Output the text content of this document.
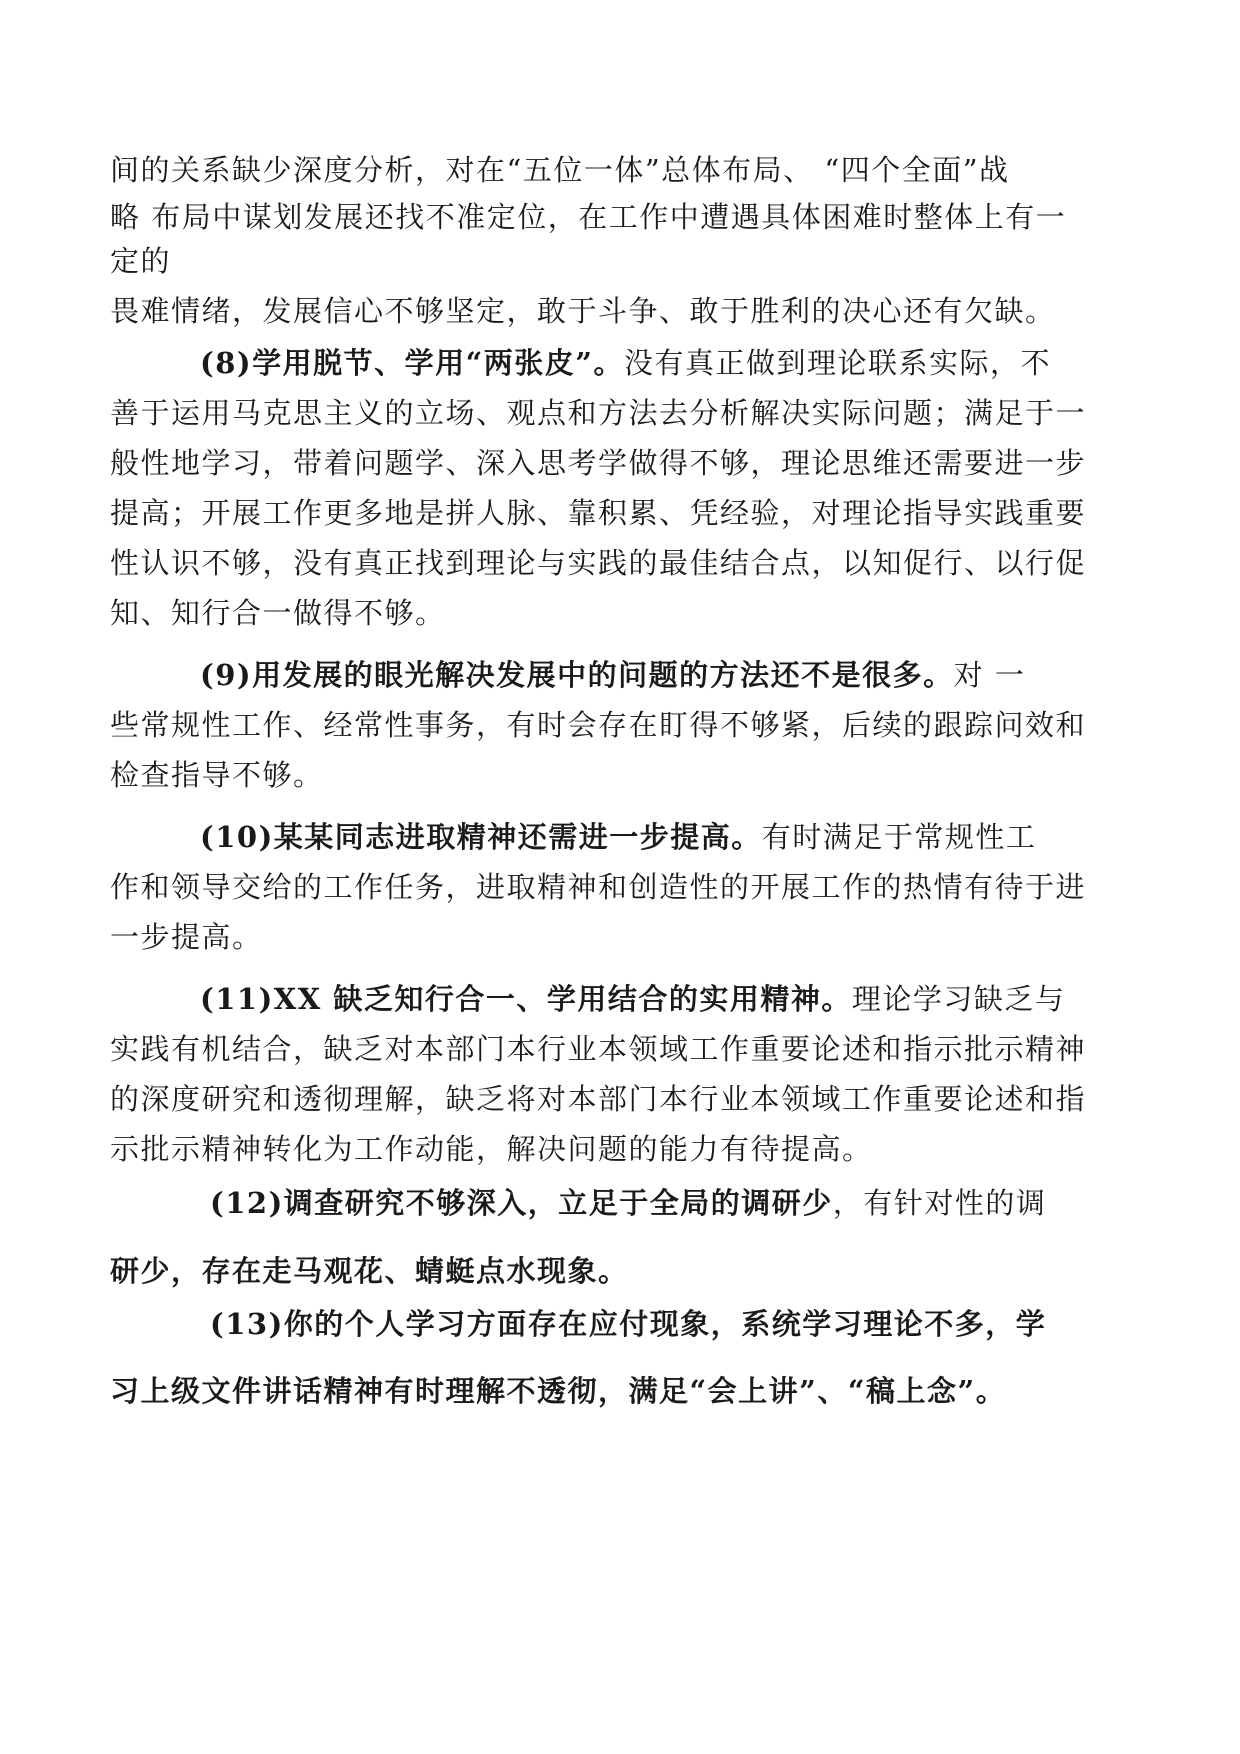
间的关系缺少深度分析，对在“五位一体”总体布局、 “四个全面”战
略 布局中谋划发展还找不准定位，在工作中遭遇具体困难时整体上有一
定的
畏难情绪，发展信心不够坚定，敢于斗争、敢于胜利的决心还有欠缺。
(8)学用脱节、学用“两张皮”。没有真正做到理论联系实际，不
善于运用马克思主义的立场、观点和方法去分析解决实际问题；满足于一
般性地学习，带着问题学、深入思考学做得不够，理论思维还需要进一步
提高；开展工作更多地是拼人脉、靠积累、凭经验，对理论指导实践重要
性认识不够，没有真正找到理论与实践的最佳结合点，以知促行、以行促
知、知行合一做得不够。
(9)用发展的眼光解决发展中的问题的方法还不是很多。对 一
些常规性工作、经常性事务，有时会存在盯得不够紧，后续的跟踪问效和
检查指导不够。
(10)某某同志进取精神还需进一步提高。有时满足于常规性工
作和领导交给的工作任务，进取精神和创造性的开展工作的热情有待于进
一步提高。
(11)XX 缺乏知行合一、学用结合的实用精神。理论学习缺乏与
实践有机结合，缺乏对本部门本行业本领域工作重要论述和指示批示精神
的深度研究和透彻理解，缺乏将对本部门本行业本领域工作重要论述和指
示批示精神转化为工作动能，解决问题的能力有待提高。
(12)调查研究不够深入，立足于全局的调研少，有针对性的调
研少，存在走马观花、蜻蜓点水现象。
(13)你的个人学习方面存在应付现象，系统学习理论不多，学
习上级文件讲话精神有时理解不透彻，满足“会上讲”、“稿上念”。
